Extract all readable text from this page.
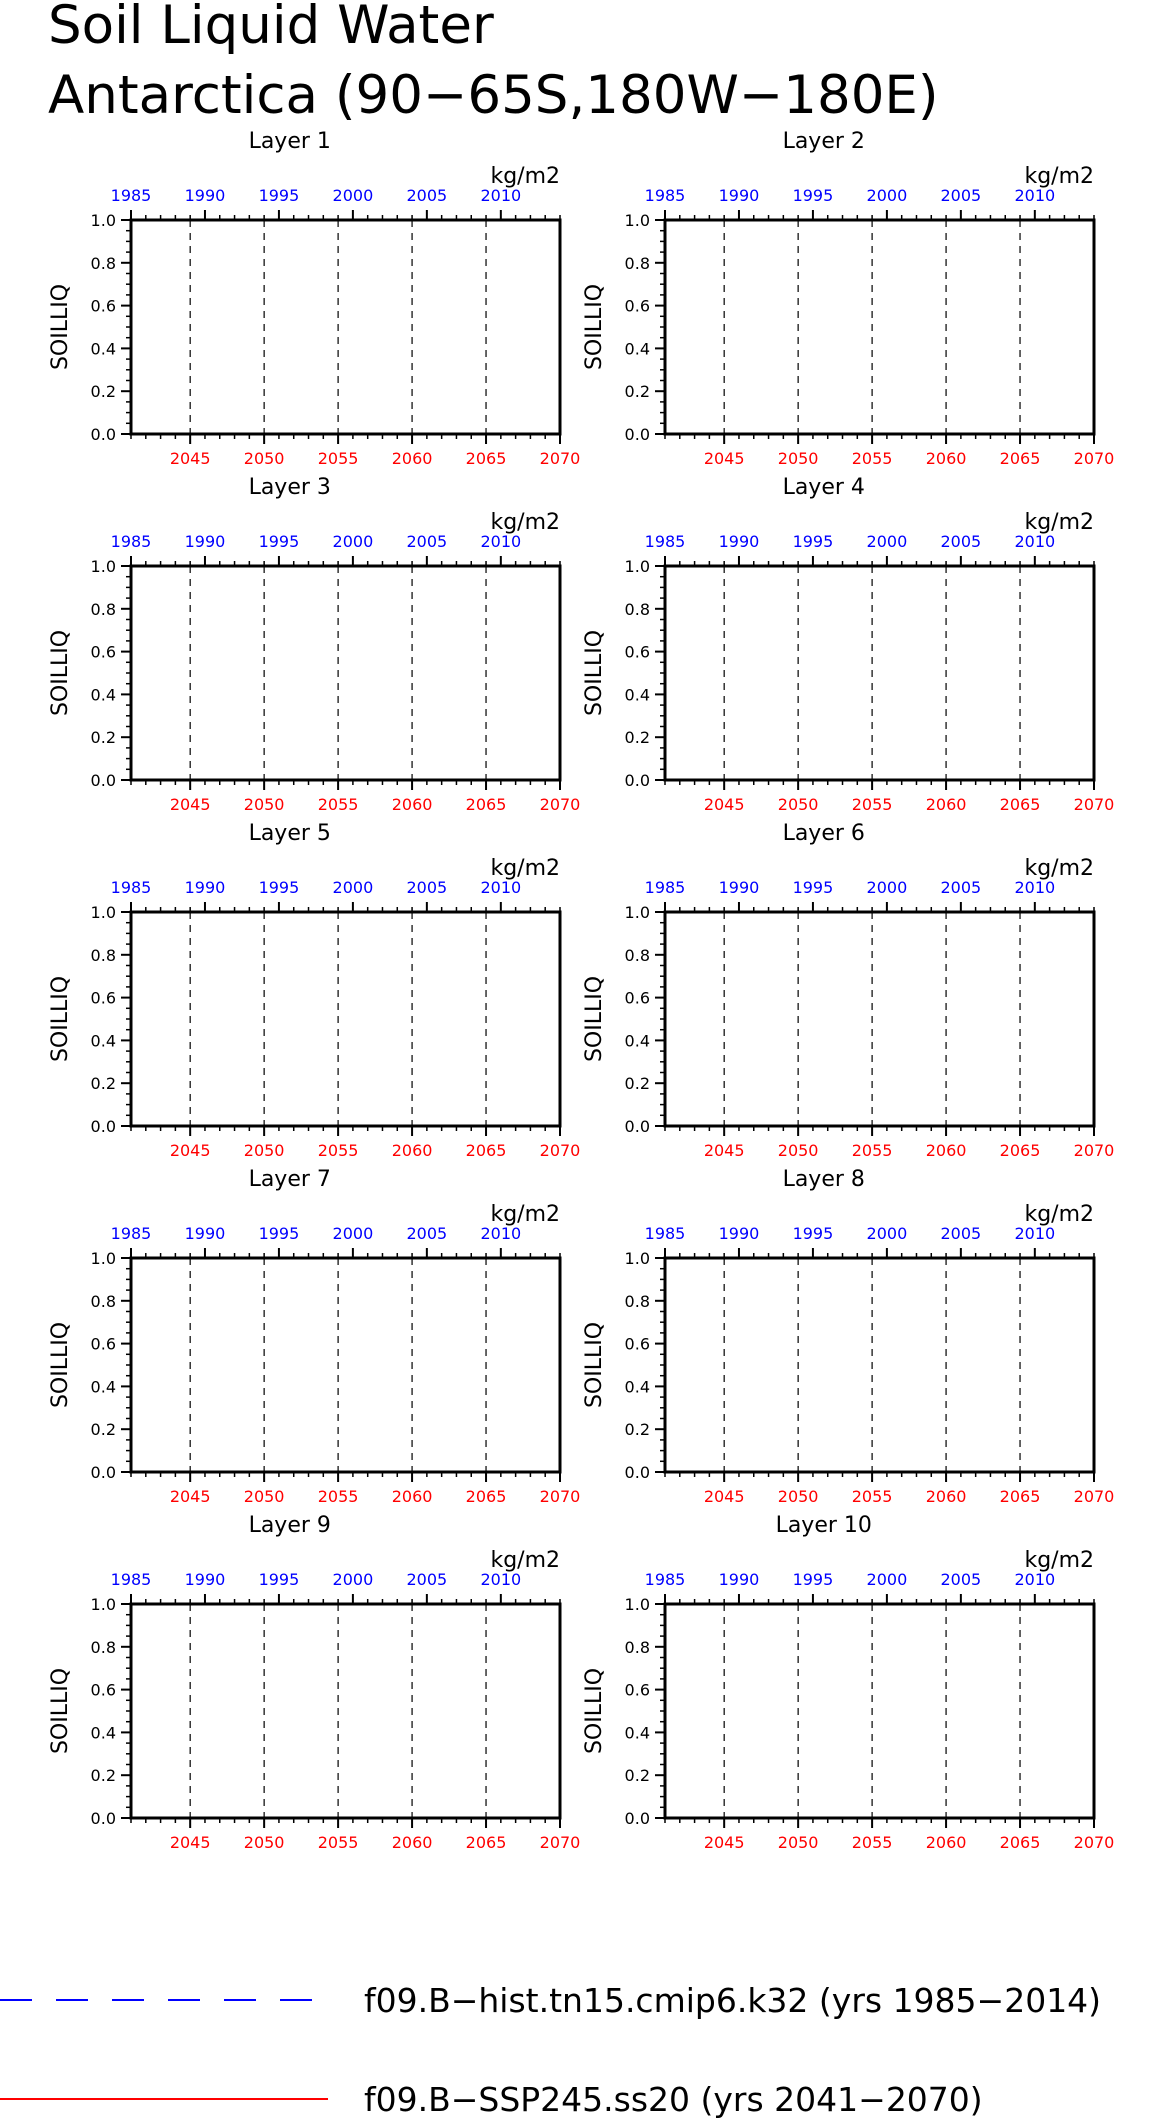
Soil Liquid Water
Antarctica (90−65S,180W−180E)
Layer 1
kg/m2
2045 2050 2055 2060 2065 2070
1985 1990 1995 2000 2005 2010
0.0
0.2
0.4
0.6
0.8
1.0
SOILLIQ
Layer 2
kg/m2
2045 2050 2055 2060 2065 2070
1985 1990 1995 2000 2005 2010
0.0
0.2
0.4
0.6
0.8
1.0
SOILLIQ
Layer 3
kg/m2
2045 2050 2055 2060 2065 2070
1985 1990 1995 2000 2005 2010
0.0
0.2
0.4
0.6
0.8
1.0
SOILLIQ
Layer 4
kg/m2
2045 2050 2055 2060 2065 2070
1985 1990 1995 2000 2005 2010
0.0
0.2
0.4
0.6
0.8
1.0
SOILLIQ
Layer 5
kg/m2
2045 2050 2055 2060 2065 2070
1985 1990 1995 2000 2005 2010
0.0
0.2
0.4
0.6
0.8
1.0
SOILLIQ
Layer 6
kg/m2
2045 2050 2055 2060 2065 2070
1985 1990 1995 2000 2005 2010
0.0
0.2
0.4
0.6
0.8
1.0
SOILLIQ
Layer 7
kg/m2
2045 2050 2055 2060 2065 2070
1985 1990 1995 2000 2005 2010
0.0
0.2
0.4
0.6
0.8
1.0
SOILLIQ
Layer 8
kg/m2
2045 2050 2055 2060 2065 2070
1985 1990 1995 2000 2005 2010
0.0
0.2
0.4
0.6
0.8
1.0
SOILLIQ
Layer 9
kg/m2
2045 2050 2055 2060 2065 2070
1985 1990 1995 2000 2005 2010
0.0
0.2
0.4
0.6
0.8
1.0
SOILLIQ
Layer 10
kg/m2
2045 2050 2055 2060 2065 2070
1985 1990 1995 2000 2005 2010
0.0
0.2
0.4
0.6
0.8
1.0
SOILLIQ
f09.B−hist.tn15.cmip6.k32 (yrs 1985−2014)
f09.B−SSP245.ss20 (yrs 2041−2070)
